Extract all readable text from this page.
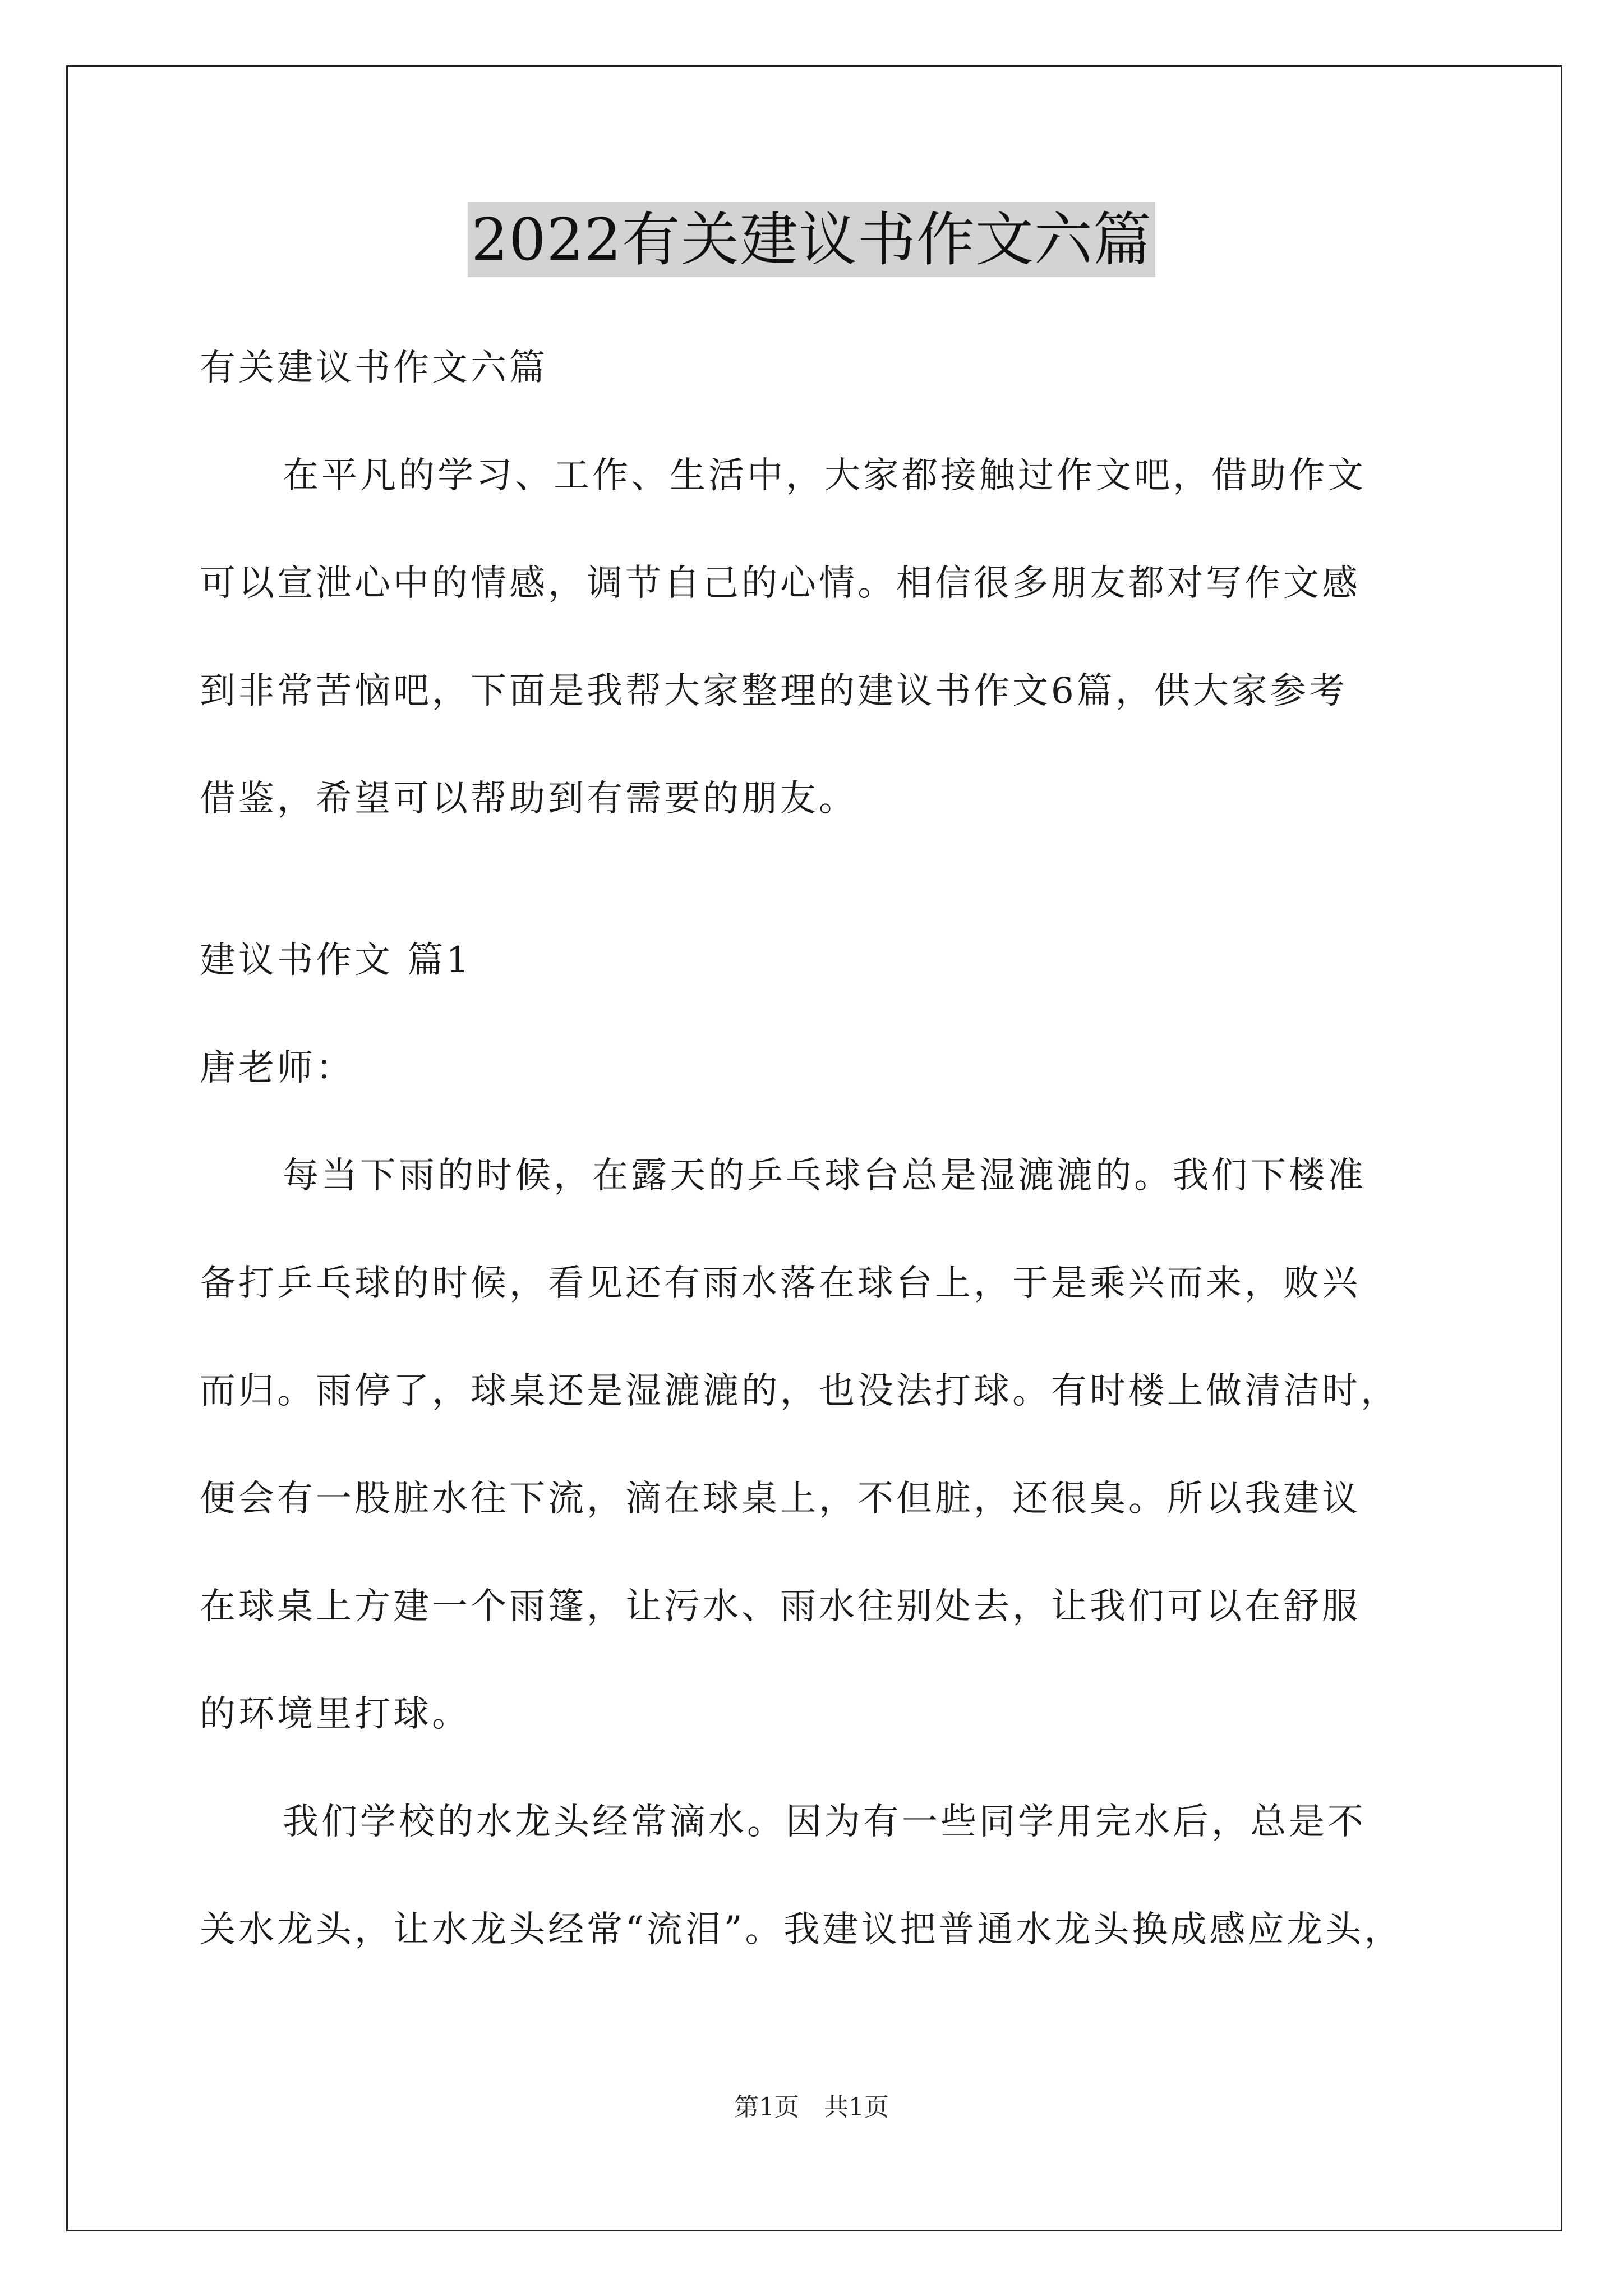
2022有关建议书作文六篇
有关建议书作文六篇
在平凡的学习、工作、生活中，大家都接触过作文吧，借助作文
可以宣泄心中的情感，调节自己的心情。相信很多朋友都对写作文感
到非常苦恼吧，下面是我帮大家整理的建议书作文6篇，供大家参考
借鉴，希望可以帮助到有需要的朋友。
建议书作文 篇1
唐老师：
每当下雨的时候，在露天的乒乓球台总是湿漉漉的。我们下楼准
备打乒乓球的时候，看见还有雨水落在球台上，于是乘兴而来，败兴
而归。雨停了，球桌还是湿漉漉的，也没法打球。有时楼上做清洁时，
便会有一股脏水往下流，滴在球桌上，不但脏，还很臭。所以我建议
在球桌上方建一个雨篷，让污水、雨水往别处去，让我们可以在舒服
的环境里打球。
我们学校的水龙头经常滴水。因为有一些同学用完水后，总是不
关水龙头，让水龙头经常“流泪”。我建议把普通水龙头换成感应龙头，
第1页　共1页
